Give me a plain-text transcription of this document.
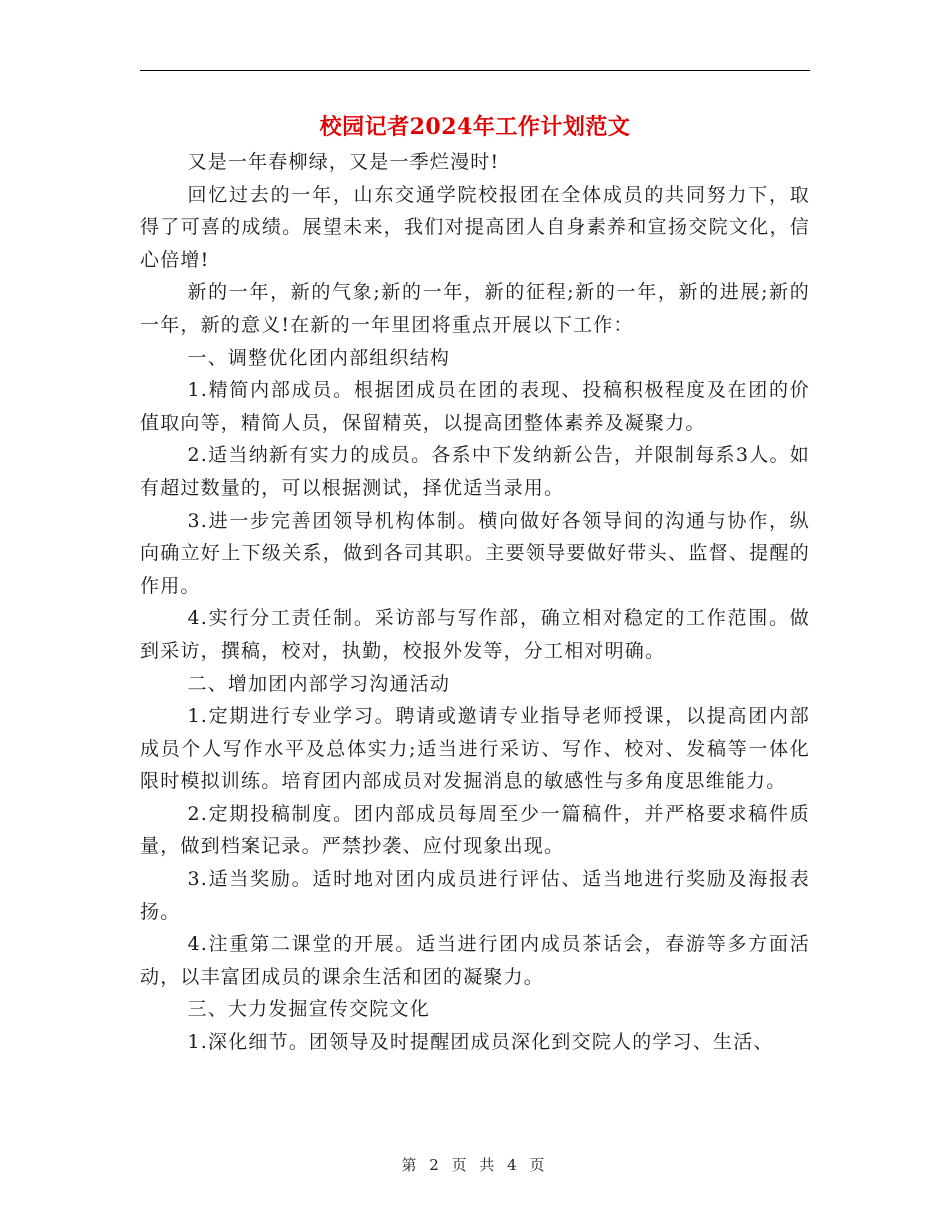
校园记者2024年工作计划范文

又是一年春柳绿，又是一季烂漫时!

回忆过去的一年，山东交通学院校报团在全体成员的共同努力下，取得了可喜的成绩。展望未来，我们对提高团人自身素养和宣扬交院文化，信心倍增!

新的一年，新的气象;新的一年，新的征程;新的一年，新的进展;新的一年，新的意义!在新的一年里团将重点开展以下工作：

一、调整优化团内部组织结构

1.精简内部成员。根据团成员在团的表现、投稿积极程度及在团的价值取向等，精简人员，保留精英，以提高团整体素养及凝聚力。

2.适当纳新有实力的成员。各系中下发纳新公告，并限制每系3人。如有超过数量的，可以根据测试，择优适当录用。

3.进一步完善团领导机构体制。横向做好各领导间的沟通与协作，纵向确立好上下级关系，做到各司其职。主要领导要做好带头、监督、提醒的作用。

4.实行分工责任制。采访部与写作部，确立相对稳定的工作范围。做到采访，撰稿，校对，执勤，校报外发等，分工相对明确。

二、增加团内部学习沟通活动

1.定期进行专业学习。聘请或邀请专业指导老师授课，以提高团内部成员个人写作水平及总体实力;适当进行采访、写作、校对、发稿等一体化限时模拟训练。培育团内部成员对发掘消息的敏感性与多角度思维能力。

2.定期投稿制度。团内部成员每周至少一篇稿件，并严格要求稿件质量，做到档案记录。严禁抄袭、应付现象出现。

3.适当奖励。适时地对团内成员进行评估、适当地进行奖励及海报表扬。

4.注重第二课堂的开展。适当进行团内成员茶话会，春游等多方面活动，以丰富团成员的课余生活和团的凝聚力。

三、大力发掘宣传交院文化

1.深化细节。团领导及时提醒团成员深化到交院人的学习、生活、

第 2 页 共 4 页
